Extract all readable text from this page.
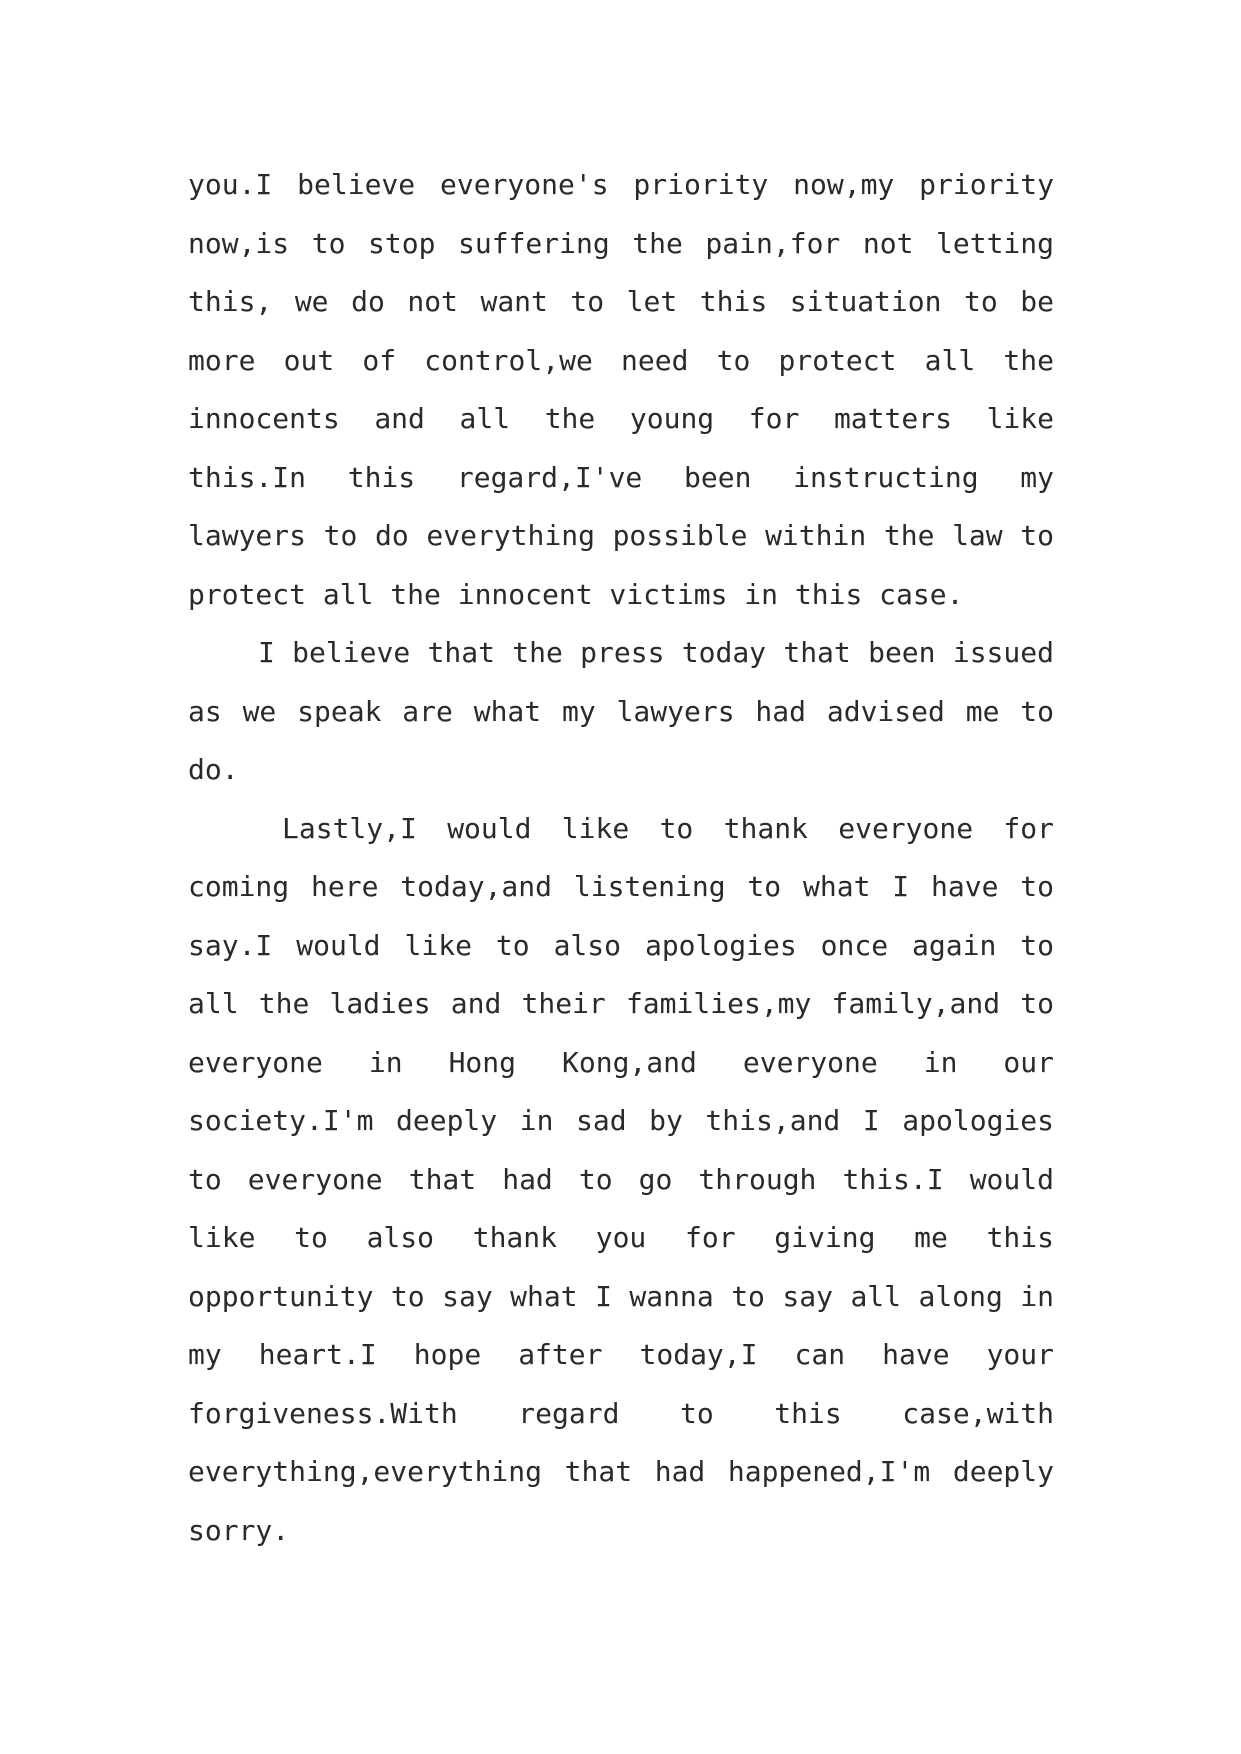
you.I believe everyone's priority now,my priority now,is to stop suffering the pain,for not letting this, we do not want to let this situation to be more out of control,we need to protect all the innocents and all the young for matters like this.In this regard,I've been instructing my lawyers to do everything possible within the law to protect all the innocent victims in this case.

I believe that the press today that been issued as we speak are what my lawyers had advised me to do.

Lastly,I would like to thank everyone for coming here today,and listening to what I have to say.I would like to also apologies once again to all the ladies and their families,my family,and to everyone in Hong Kong,and everyone in our society.I'm deeply in sad by this,and I apologies to everyone that had to go through this.I would like to also thank you for giving me this opportunity to say what I wanna to say all along in my heart.I hope after today,I can have your forgiveness.With regard to this case,with everything,everything that had happened,I'm deeply sorry.
